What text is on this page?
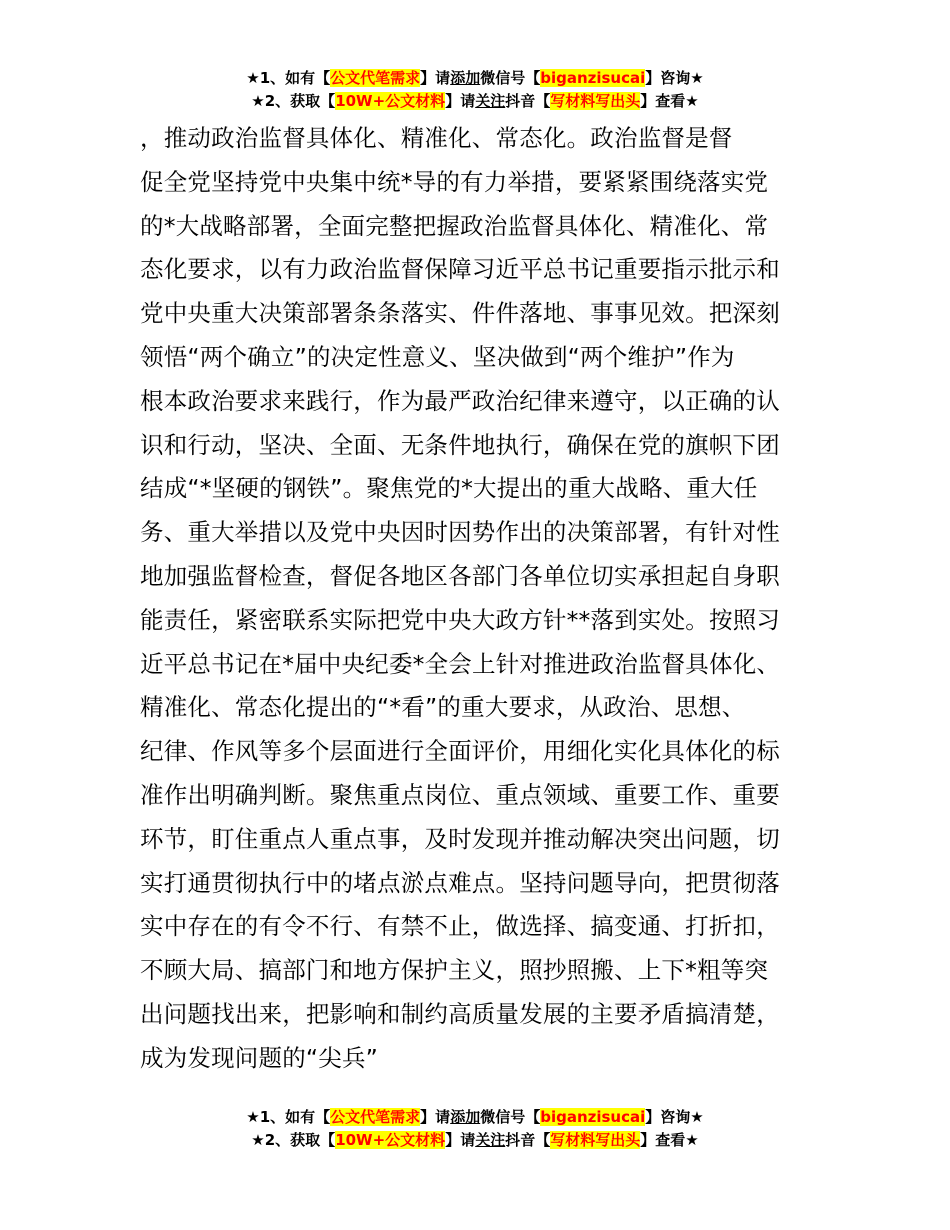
★1、如有【公文代笔需求】请添加微信号【biganzisucai】咨询★
★2、获取【10W+公文材料】请关注抖音【写材料写出头】查看★
，推动政治监督具体化、精准化、常态化。政治监督是督
促全党坚持党中央集中统*导的有力举措，要紧紧围绕落实党
的*大战略部署，全面完整把握政治监督具体化、精准化、常
态化要求，以有力政治监督保障习近平总书记重要指示批示和
党中央重大决策部署条条落实、件件落地、事事见效。把深刻
领悟“两个确立”的决定性意义、坚决做到“两个维护”作为
根本政治要求来践行，作为最严政治纪律来遵守，以正确的认
识和行动，坚决、全面、无条件地执行，确保在党的旗帜下团
结成“*坚硬的钢铁”。聚焦党的*大提出的重大战略、重大任
务、重大举措以及党中央因时因势作出的决策部署，有针对性
地加强监督检查，督促各地区各部门各单位切实承担起自身职
能责任，紧密联系实际把党中央大政方针**落到实处。按照习
近平总书记在*届中央纪委*全会上针对推进政治监督具体化、
精准化、常态化提出的“*看”的重大要求，从政治、思想、
纪律、作风等多个层面进行全面评价，用细化实化具体化的标
准作出明确判断。聚焦重点岗位、重点领域、重要工作、重要
环节，盯住重点人重点事，及时发现并推动解决突出问题，切
实打通贯彻执行中的堵点淤点难点。坚持问题导向，把贯彻落
实中存在的有令不行、有禁不止，做选择、搞变通、打折扣，
不顾大局、搞部门和地方保护主义，照抄照搬、上下*粗等突
出问题找出来，把影响和制约高质量发展的主要矛盾搞清楚，
成为发现问题的“尖兵”
★1、如有【公文代笔需求】请添加微信号【biganzisucai】咨询★
★2、获取【10W+公文材料】请关注抖音【写材料写出头】查看★
